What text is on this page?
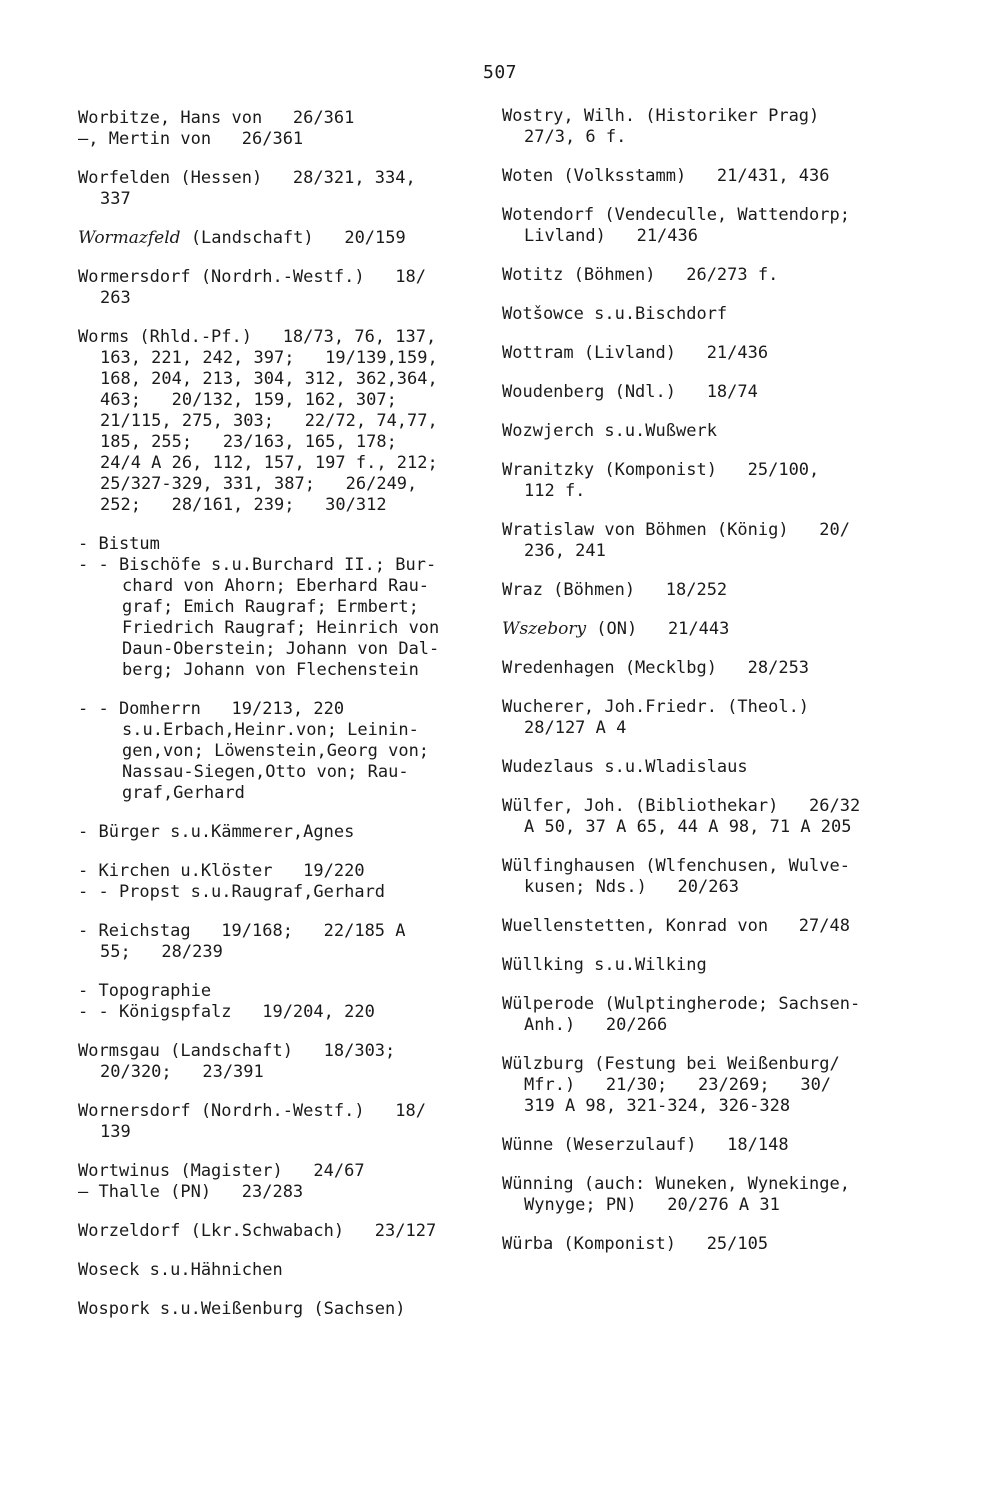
507
Worbitze, Hans von   26/361
—, Mertin von   26/361
Worfelden (Hessen)   28/321, 334,
337
Wormazfeld (Landschaft)   20/159
Wormersdorf (Nordrh.-Westf.)   18/
263
Worms (Rhld.-Pf.)   18/73, 76, 137,
163, 221, 242, 397;   19/139,159,
168, 204, 213, 304, 312, 362,364,
463;   20/132, 159, 162, 307;
21/115, 275, 303;   22/72, 74,77,
185, 255;   23/163, 165, 178;
24/4 A 26, 112, 157, 197 f., 212;
25/327-329, 331, 387;   26/249,
252;   28/161, 239;   30/312
- Bistum
- - Bischöfe s.u.Burchard II.; Bur-
chard von Ahorn; Eberhard Rau-
graf; Emich Raugraf; Ermbert;
Friedrich Raugraf; Heinrich von
Daun-Oberstein; Johann von Dal-
berg; Johann von Flechenstein
- - Domherrn   19/213, 220
s.u.Erbach,Heinr.von; Leinin-
gen,von; Löwenstein,Georg von;
Nassau-Siegen,Otto von; Rau-
graf,Gerhard
- Bürger s.u.Kämmerer,Agnes
- Kirchen u.Klöster   19/220
- - Propst s.u.Raugraf,Gerhard
- Reichstag   19/168;   22/185 A
55;   28/239
- Topographie
- - Königspfalz   19/204, 220
Wormsgau (Landschaft)   18/303;
20/320;   23/391
Wornersdorf (Nordrh.-Westf.)   18/
139
Wortwinus (Magister)   24/67
— Thalle (PN)   23/283
Worzeldorf (Lkr.Schwabach)   23/127
Woseck s.u.Hähnichen
Wospork s.u.Weißenburg (Sachsen)
Wostry, Wilh. (Historiker Prag)
27/3, 6 f.
Woten (Volksstamm)   21/431, 436
Wotendorf (Vendeculle, Wattendorp;
Livland)   21/436
Wotitz (Böhmen)   26/273 f.
Wotšowce s.u.Bischdorf
Wottram (Livland)   21/436
Woudenberg (Ndl.)   18/74
Wozwjerch s.u.Wußwerk
Wranitzky (Komponist)   25/100,
112 f.
Wratislaw von Böhmen (König)   20/
236, 241
Wraz (Böhmen)   18/252
Wszebory (ON)   21/443
Wredenhagen (Mecklbg)   28/253
Wucherer, Joh.Friedr. (Theol.)
28/127 A 4
Wudezlaus s.u.Wladislaus
Wülfer, Joh. (Bibliothekar)   26/32
A 50, 37 A 65, 44 A 98, 71 A 205
Wülfinghausen (Wlfenchusen, Wulve-
kusen; Nds.)   20/263
Wuellenstetten, Konrad von   27/48
Wüllking s.u.Wilking
Wülperode (Wulptingherode; Sachsen-
Anh.)   20/266
Wülzburg (Festung bei Weißenburg/
Mfr.)   21/30;   23/269;   30/
319 A 98, 321-324, 326-328
Wünne (Weserzulauf)   18/148
Wünning (auch: Wuneken, Wynekinge,
Wynyge; PN)   20/276 A 31
Würba (Komponist)   25/105
